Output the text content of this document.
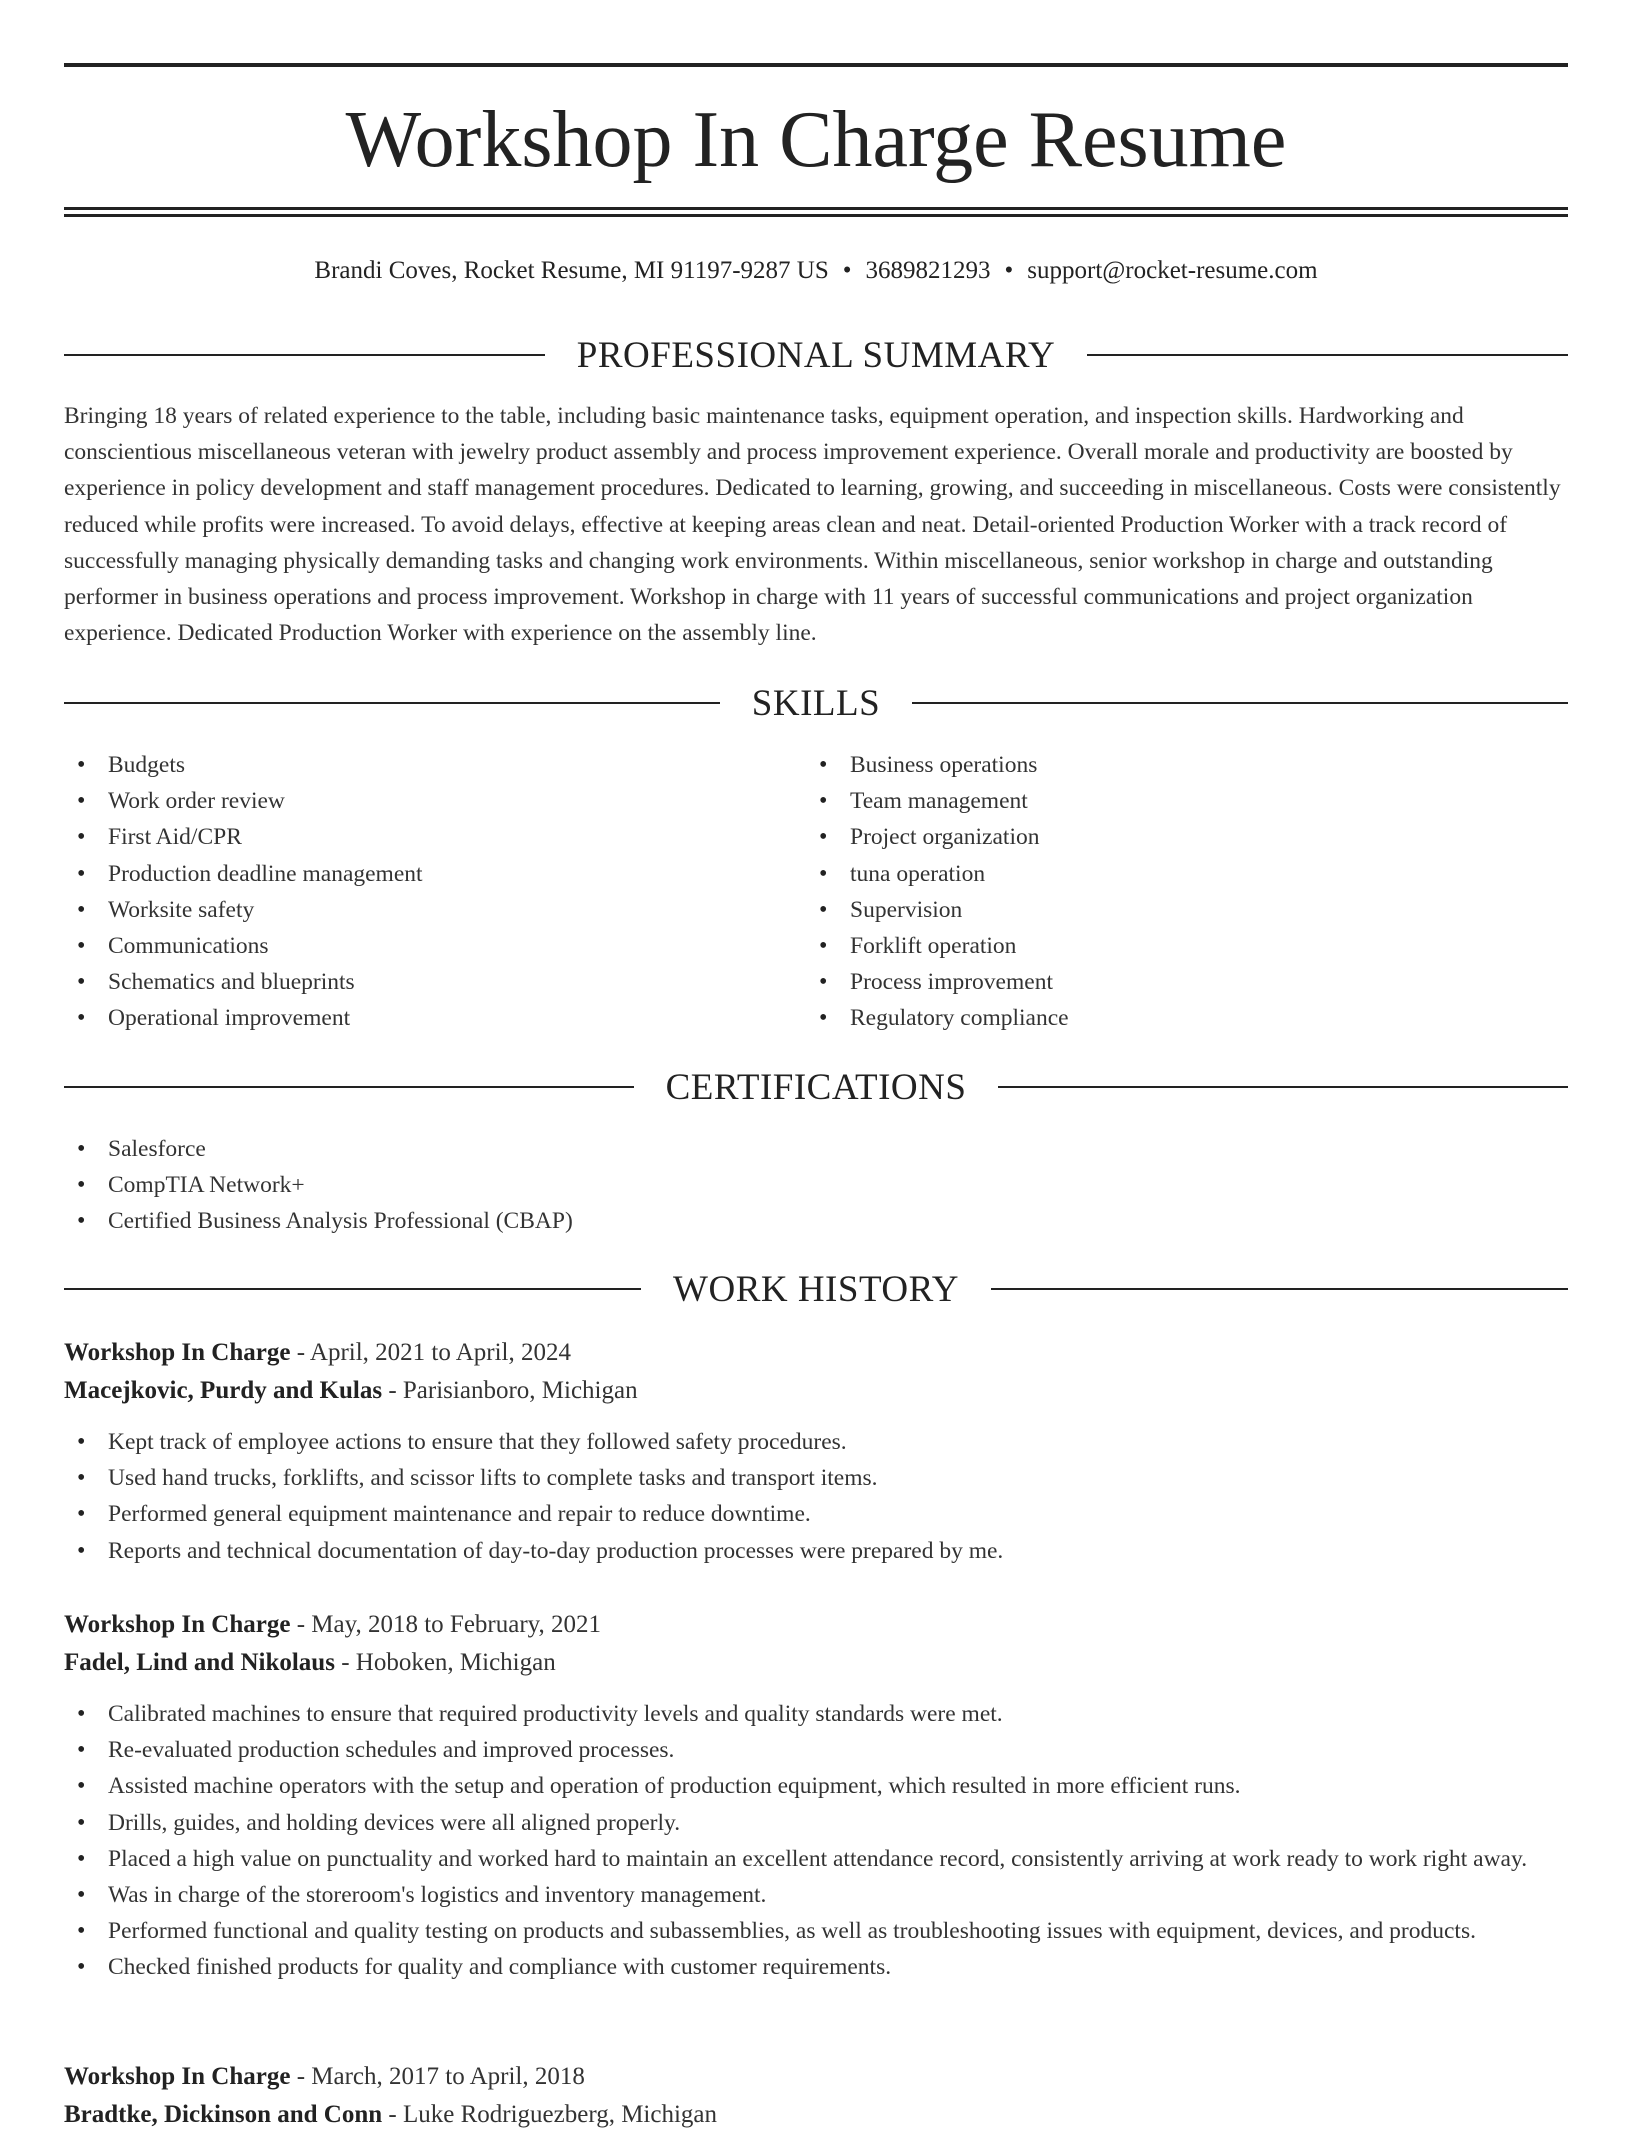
Workshop In Charge Resume
Brandi Coves, Rocket Resume, MI 91197-9287 US • 3689821293 • support@rocket-resume.com
PROFESSIONAL SUMMARY

Bringing 18 years of related experience to the table, including basic maintenance tasks, equipment operation, and inspection skills. Hardworking and conscientious miscellaneous veteran with jewelry product assembly and process improvement experience. Overall morale and productivity are boosted by experience in policy development and staff management procedures. Dedicated to learning, growing, and succeeding in miscellaneous. Costs were consistently reduced while profits were increased. To avoid delays, effective at keeping areas clean and neat. Detail-oriented Production Worker with a track record of successfully managing physically demanding tasks and changing work environments. Within miscellaneous, senior workshop in charge and outstanding performer in business operations and process improvement. Workshop in charge with 11 years of successful communications and project organization experience. Dedicated Production Worker with experience on the assembly line.

SKILLS
• Budgets
• Work order review
• First Aid/CPR
• Production deadline management
• Worksite safety
• Communications
• Schematics and blueprints
• Operational improvement
• Business operations
• Team management
• Project organization
• tuna operation
• Supervision
• Forklift operation
• Process improvement
• Regulatory compliance
CERTIFICATIONS
• Salesforce
• CompTIA Network+
• Certified Business Analysis Professional (CBAP)
WORK HISTORY
Workshop In Charge - April, 2021 to April, 2024
Macejkovic, Purdy and Kulas - Parisianboro, Michigan
• Kept track of employee actions to ensure that they followed safety procedures.
• Used hand trucks, forklifts, and scissor lifts to complete tasks and transport items.
• Performed general equipment maintenance and repair to reduce downtime.
• Reports and technical documentation of day-to-day production processes were prepared by me.
Workshop In Charge - May, 2018 to February, 2021
Fadel, Lind and Nikolaus - Hoboken, Michigan
• Calibrated machines to ensure that required productivity levels and quality standards were met.
• Re-evaluated production schedules and improved processes.
• Assisted machine operators with the setup and operation of production equipment, which resulted in more efficient runs.
• Drills, guides, and holding devices were all aligned properly.
• Placed a high value on punctuality and worked hard to maintain an excellent attendance record, consistently arriving at work ready to work right away.
• Was in charge of the storeroom's logistics and inventory management.
• Performed functional and quality testing on products and subassemblies, as well as troubleshooting issues with equipment, devices, and products.
• Checked finished products for quality and compliance with customer requirements.
Workshop In Charge - March, 2017 to April, 2018
Bradtke, Dickinson and Conn - Luke Rodriguezberg, Michigan
